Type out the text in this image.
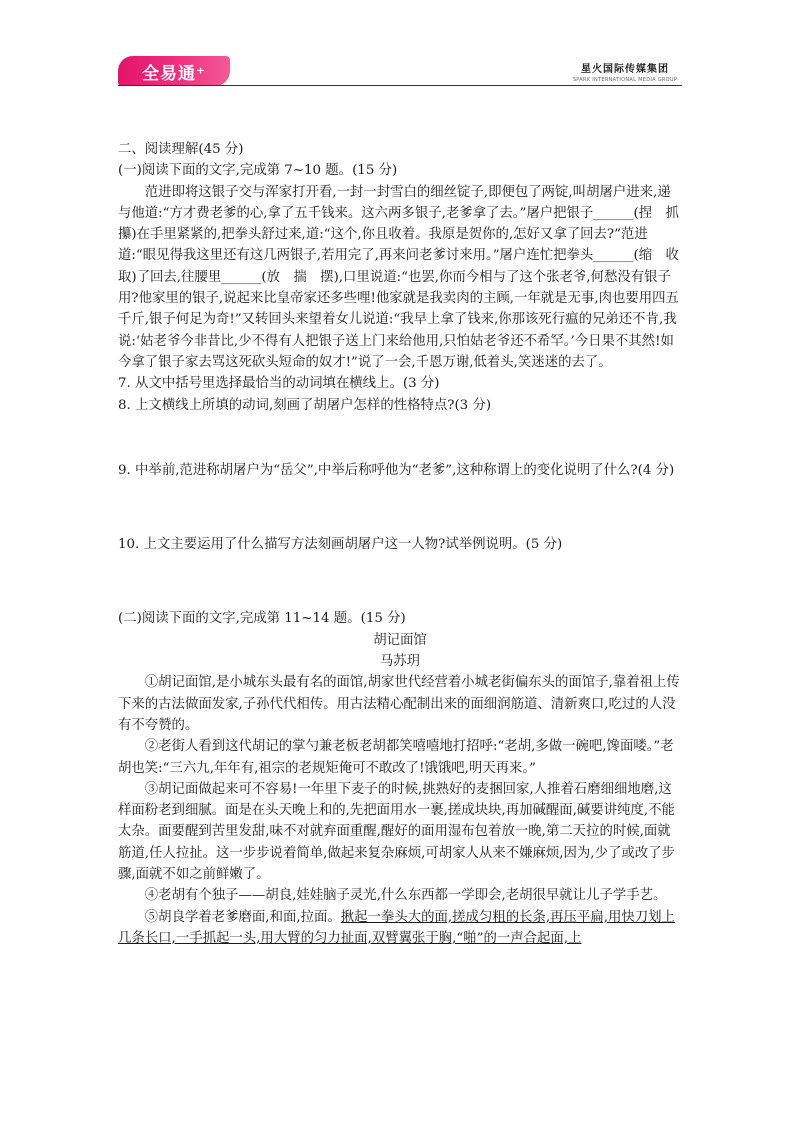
全易通⁺	星火国际传媒集团
SPARK INTERNATIONAL MEDIA GROUP

二、阅读理解(45 分)

(一)阅读下面的文字,完成第 7~10 题。(15 分)

范进即将这银子交与浑家打开看,一封一封雪白的细丝锭子,即便包了两锭,叫胡屠户进来,递与他道:“方才费老爹的心,拿了五千钱来。这六两多银子,老爹拿了去。”屠户把银子______(捏　抓　攥)在手里紧紧的,把拳头舒过来,道:“这个,你且收着。我原是贺你的,怎好又拿了回去?”范进道:“眼见得我这里还有这几两银子,若用完了,再来问老爹讨来用。”屠户连忙把拳头______(缩　收　取)了回去,往腰里______(放　揣　摆),口里说道:“也罢,你而今相与了这个张老爷,何愁没有银子用?他家里的银子,说起来比皇帝家还多些哩!他家就是我卖肉的主顾,一年就是无事,肉也要用四五千斤,银子何足为奇!”又转回头来望着女儿说道:“我早上拿了钱来,你那该死行瘟的兄弟还不肯,我说:‘姑老爷今非昔比,少不得有人把银子送上门来给他用,只怕姑老爷还不希罕。’今日果不其然!如今拿了银子家去骂这死砍头短命的奴才!”说了一会,千恩万谢,低着头,笑迷迷的去了。

7. 从文中括号里选择最恰当的动词填在横线上。(3 分)

8. 上文横线上所填的动词,刻画了胡屠户怎样的性格特点?(3 分)

9. 中举前,范进称胡屠户为“岳父”,中举后称呼他为“老爹”,这种称谓上的变化说明了什么?(4 分)

10. 上文主要运用了什么描写方法刻画胡屠户这一人物?试举例说明。(5 分)

(二)阅读下面的文字,完成第 11~14 题。(15 分)

胡记面馆

马苏玥

①胡记面馆,是小城东头最有名的面馆,胡家世代经营着小城老街偏东头的面馆子,靠着祖上传下来的古法做面发家,子孙代代相传。用古法精心配制出来的面细润筋道、清新爽口,吃过的人没有不夸赞的。

②老街人看到这代胡记的掌勺兼老板老胡都笑嘻嘻地打招呼:“老胡,多做一碗吧,馋面喽。”老胡也笑:“三六九,年年有,祖宗的老规矩俺可不敢改了!饿饿吧,明天再来。”

③胡记面做起来可不容易!一年里下麦子的时候,挑熟好的麦捆回家,人推着石磨细细地磨,这样面粉老到细腻。面是在头天晚上和的,先把面用水一裹,搓成块块,再加碱醒面,碱要讲纯度,不能太杂。面要醒到苦里发甜,味不对就弃面重醒,醒好的面用湿布包着放一晚,第二天拉的时候,面就筋道,任人拉扯。这一步步说着简单,做起来复杂麻烦,可胡家人从来不嫌麻烦,因为,少了或改了步骤,面就不如之前鲜嫩了。

④老胡有个独子——胡良,娃娃脑子灵光,什么东西都一学即会,老胡很早就让儿子学手艺。

⑤胡良学着老爹磨面,和面,拉面。揪起一拳头大的面,搓成匀粗的长条,再压平扁,用快刀划上几条长口,一手抓起一头,用大臂的匀力扯面,双臂翼张于胸,“啪”的一声合起面,上
